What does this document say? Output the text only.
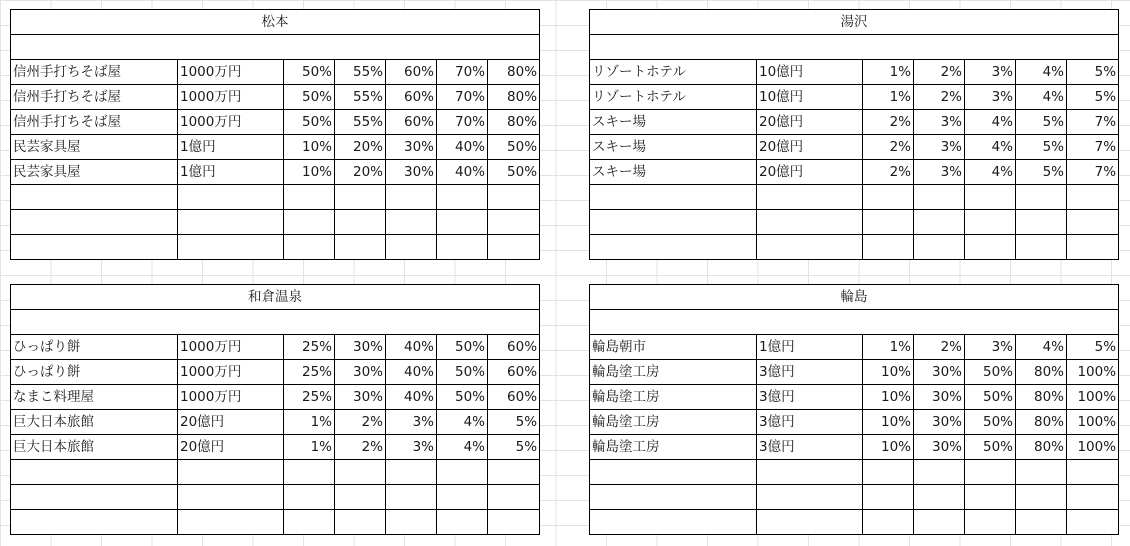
松本						

信州手打ちそば屋	1000万円	50%	55%	60%	70%	80%
信州手打ちそば屋	1000万円	50%	55%	60%	70%	80%
信州手打ちそば屋	1000万円	50%	55%	60%	70%	80%
民芸家具屋	1億円	10%	20%	30%	40%	50%
民芸家具屋	1億円	10%	20%	30%	40%	50%

湯沢						

リゾートホテル	10億円	1%	2%	3%	4%	5%
リゾートホテル	10億円	1%	2%	3%	4%	5%
スキー場	20億円	2%	3%	4%	5%	7%
スキー場	20億円	2%	3%	4%	5%	7%
スキー場	20億円	2%	3%	4%	5%	7%

和倉温泉						

ひっぱり餅	1000万円	25%	30%	40%	50%	60%
ひっぱり餅	1000万円	25%	30%	40%	50%	60%
なまこ料理屋	1000万円	25%	30%	40%	50%	60%
巨大日本旅館	20億円	1%	2%	3%	4%	5%
巨大日本旅館	20億円	1%	2%	3%	4%	5%

輪島						

輪島朝市	1億円	1%	2%	3%	4%	5%
輪島塗工房	3億円	10%	30%	50%	80%	100%
輪島塗工房	3億円	10%	30%	50%	80%	100%
輪島塗工房	3億円	10%	30%	50%	80%	100%
輪島塗工房	3億円	10%	30%	50%	80%	100%
